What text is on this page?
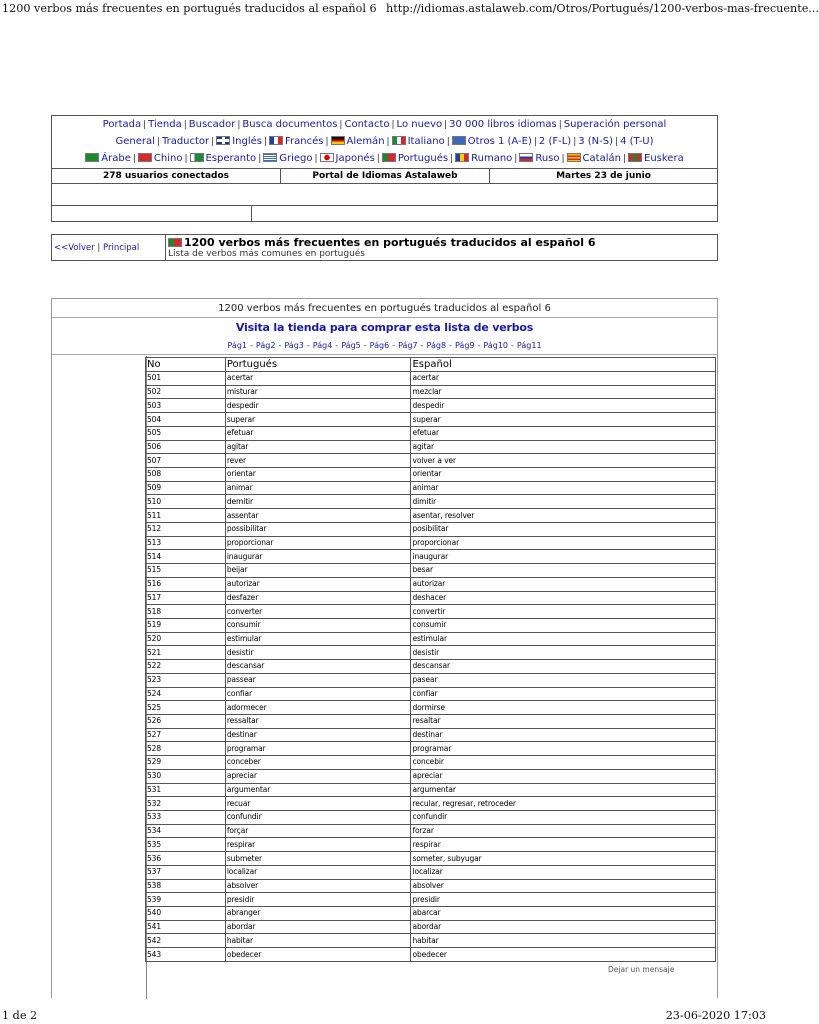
1200 verbos más frecuentes en portugués traducidos al español 6 http://idiomas.astalaweb.com/Otros/Portugués/1200-verbos-mas-frecuente...
Portada | Tienda | Buscador | Busca documentos | Contacto | Lo nuevo | 30 000 libros idiomas | Superación personal
General | Traductor | Inglés | Francés | Alemán | Italiano | Otros 1 (A-E) | 2 (F-L) | 3 (N-S) | 4 (T-U)
Árabe | Chino | Esperanto | Griego | Japonés | Portugués | Rumano | Ruso | Catalán | Euskera
278 usuarios conectados	Portal de Idiomas Astalaweb	Martes 23 de junio
<<Volver | Principal	1200 verbos más frecuentes en portugués traducidos al español 6
Lista de verbos más comunes en portugués
1200 verbos más frecuentes en portugués traducidos al español 6
Visita la tienda para comprar esta lista de verbos
Pág1 - Pág2 - Pág3 - Pág4 - Pág5 - Pág6 - Pág7 - Pág8 - Pág9 - Pág10 - Pág11
No	Portugués	Español
501	acertar	acertar
502	misturar	mezclar
503	despedir	despedir
504	superar	superar
505	efetuar	efetuar
506	agitar	agitar
507	rever	volver a ver
508	orientar	orientar
509	animar	animar
510	demitir	dimitir
511	assentar	asentar, resolver
512	possibilitar	posibilitar
513	proporcionar	proporcionar
514	inaugurar	inaugurar
515	beijar	besar
516	autorizar	autorizar
517	desfazer	deshacer
518	converter	convertir
519	consumir	consumir
520	estimular	estimular
521	desistir	desistir
522	descansar	descansar
523	passear	pasear
524	confiar	confiar
525	adormecer	dormirse
526	ressaltar	resaltar
527	destinar	destinar
528	programar	programar
529	conceber	concebir
530	apreciar	apreciar
531	argumentar	argumentar
532	recuar	recular, regresar, retroceder
533	confundir	confundir
534	forçar	forzar
535	respirar	respirar
536	submeter	someter, subyugar
537	localizar	localizar
538	absolver	absolver
539	presidir	presidir
540	abranger	abarcar
541	abordar	abordar
542	habitar	habitar
543	obedecer	obedecer
Dejar un mensaje
1 de 2	23-06-2020 17:03
